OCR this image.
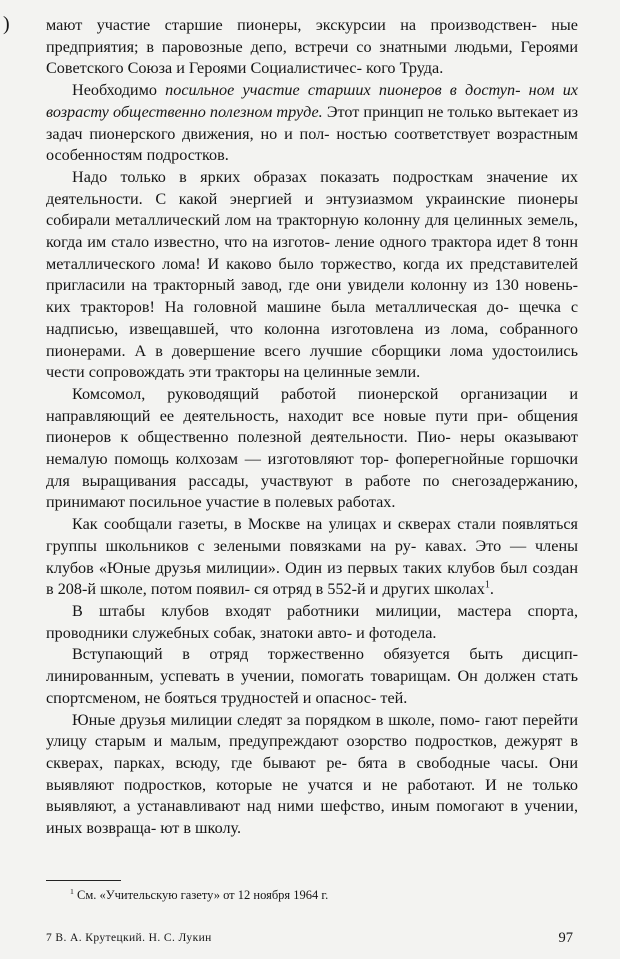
) мают участие старшие пионеры, экскурсии на производствен- ные предприятия; в паровозные депо, встречи со знатными людьми, Героями Советского Союза и Героями Социалистичес- кого Труда.

Необходимо посильное участие старших пионеров в доступ- ном их возрасту общественно полезном труде. Этот принцип не только вытекает из задач пионерского движения, но и пол- ностью соответствует возрастным особенностям подростков.

Надо только в ярких образах показать подросткам значение их деятельности. С какой энергией и энтузиазмом украинские пионеры собирали металлический лом на тракторную колонну для целинных земель, когда им стало известно, что на изготов- ление одного трактора идет 8 тонн металлического лома! И каково было торжество, когда их представителей пригласили на тракторный завод, где они увидели колонну из 130 новень- ких тракторов! На головной машине была металлическая до- щечка с надписью, извещавшей, что колонна изготовлена из лома, собранного пионерами. А в довершение всего лучшие сборщики лома удостоились чести сопровождать эти тракторы на целинные земли.

Комсомол, руководящий работой пионерской организации и направляющий ее деятельность, находит все новые пути при- общения пионеров к общественно полезной деятельности. Пио- неры оказывают немалую помощь колхозам — изготовляют тор- фоперегнойные горшочки для выращивания рассады, участвуют в работе по снегозадержанию, принимают посильное участие в полевых работах.

Как сообщали газеты, в Москве на улицах и скверах стали появляться группы школьников с зелеными повязками на ру- кавах. Это — члены клубов «Юные друзья милиции». Один из первых таких клубов был создан в 208-й школе, потом появил- ся отряд в 552-й и других школах$^1$.

В штабы клубов входят работники милиции, мастера спорта, проводники служебных собак, знатоки авто- и фотодела.

Вступающий в отряд торжественно обязуется быть дисцип- линированным, успевать в учении, помогать товарищам. Он должен стать спортсменом, не бояться трудностей и опаснос- тей.

Юные друзья милиции следят за порядком в школе, помо- гают перейти улицу старым и малым, предупреждают озорство подростков, дежурят в скверах, парках, всюду, где бывают ре- бята в свободные часы. Они выявляют подростков, которые не учатся и не работают. И не только выявляют, а устанавливают над ними шефство, иным помогают в учении, иных возвраща- ют в школу.

$^1$ См. «Учительскую газету» от 12 ноября 1964 г.
7 В. А. Крутецкий. Н. С. Лукин	97
